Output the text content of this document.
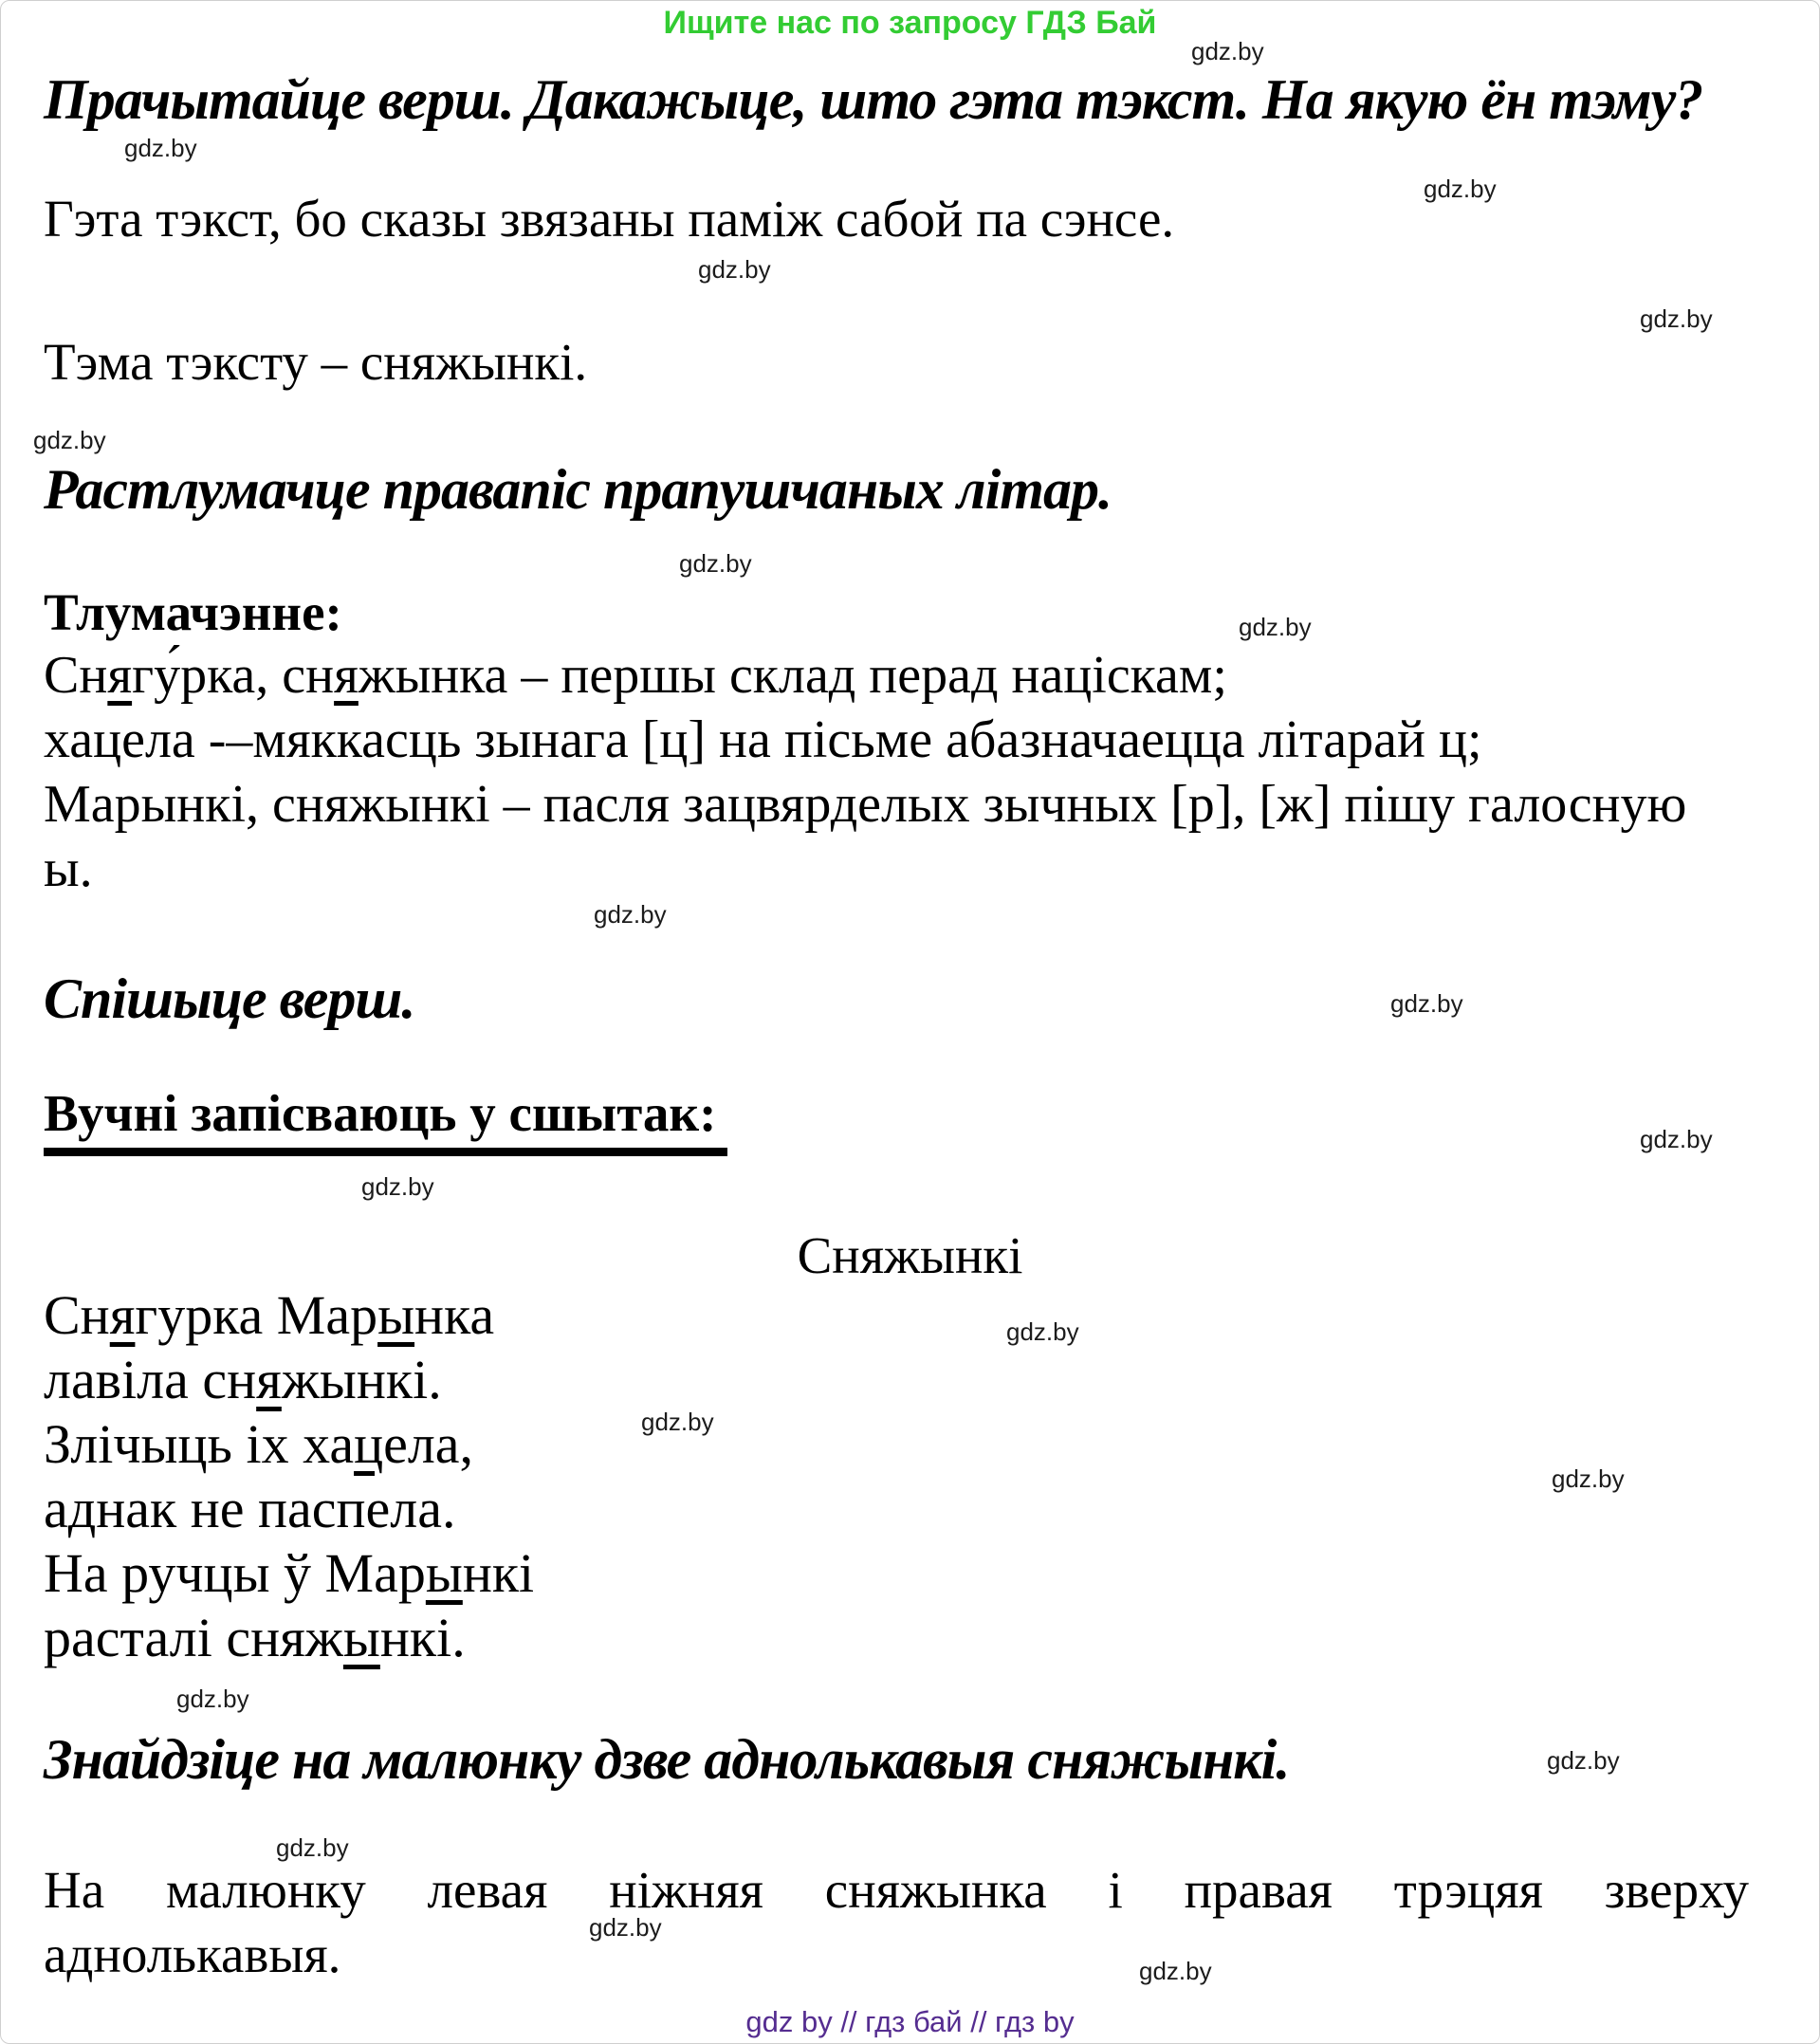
Ищите нас по запросу ГДЗ Бай
gdz.by
gdz.by
gdz.by
gdz.by
gdz.by
gdz.by
gdz.by
gdz.by
gdz.by
gdz.by
gdz.by
gdz.by
gdz.by
gdz.by
gdz.by
gdz.by
gdz.by
gdz.by
gdz.by
gdz.by
Прачытайце верш. Дакажыце, што гэта тэкст. На якую ён тэму?
Гэта тэкст, бо сказы звязаны паміж сабой па сэнсе.
Тэма тэксту – сняжынкі.
Растлумачце правапіс прапушчаных літар.
Тлумачэнне:
Снягу́рка, сняжынка – першы склад перад націскам;
хацела -–мяккасць зынага [ц] на пісьме абазначаецца літарай ц;
Марынкі, сняжынкі – пасля зацвярделых зычных [р], [ж] пішу галосную
ы.
Спішыце верш.
Вучні запісваюць у сшытак:
Сняжынкі
Снягурка Марынка
лавіла сняжынкі.
Злічыць іх хацела,
аднак не паспела.
На ручцы ў Марынкі
расталі сняжынкі.
Знайдзіце на малюнку дзве аднолькавыя сняжынкі.
На малюнку левая ніжняя сняжынка і правая трэцяя зверху
аднолькавыя.
gdz by // гдз бай // гдз by
